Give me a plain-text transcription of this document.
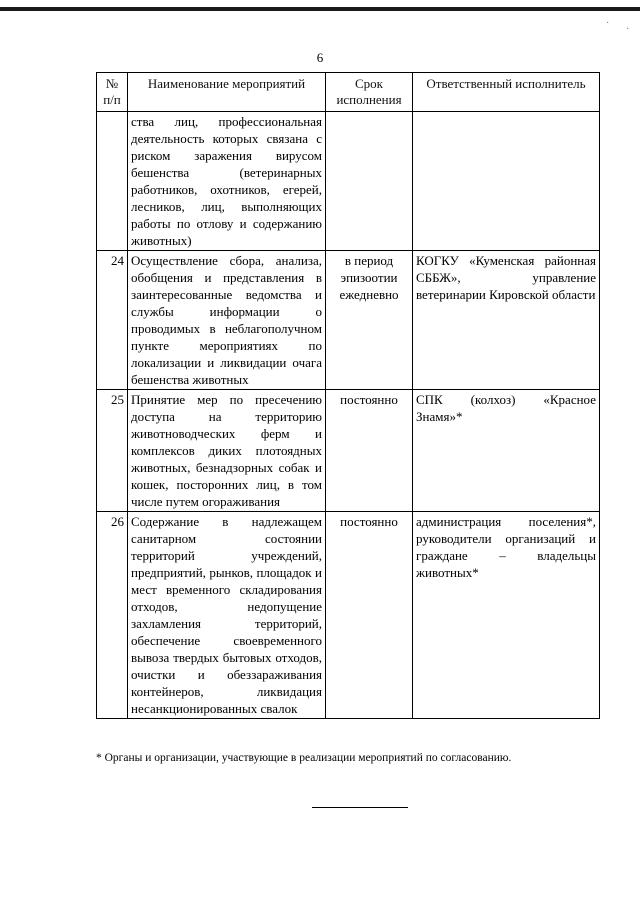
·
·
6
№ п/п	Наименование мероприятий	Срок исполнения	Ответственный исполнитель
	ства лиц, профессиональная деятельность которых связана с риском заражения вирусом бешенства (ветеринарных работников, охотников, егерей, лесников, лиц, выполняющих работы по отлову и содержанию животных)		
24	Осуществление сбора, анализа, обобщения и представления в заинтересованные ведомства и службы информации о проводимых в неблагополучном пункте мероприятиях по локализации и ликвидации очага бешенства животных	в период эпизоотии ежедневно	КОГКУ «Куменская районная СББЖ», управление ветеринарии Кировской области
25	Принятие мер по пресечению доступа на территорию животноводческих ферм и комплексов диких плотоядных животных, безнадзорных собак и кошек, посторонних лиц, в том числе путем огораживания	постоянно	СПК (колхоз) «Красное Знамя»*
26	Содержание в надлежащем санитарном состоянии территорий учреждений, предприятий, рынков, площадок и мест временного складирования отходов, недопущение захламления территорий, обеспечение своевременного вывоза твердых бытовых отходов, очистки и обеззараживания контейнеров, ликвидация несанкционированных свалок	постоянно	администрация поселения*, руководители организаций и граждане – владельцы животных*
* Органы и организации, участвующие в реализации мероприятий по согласованию.
